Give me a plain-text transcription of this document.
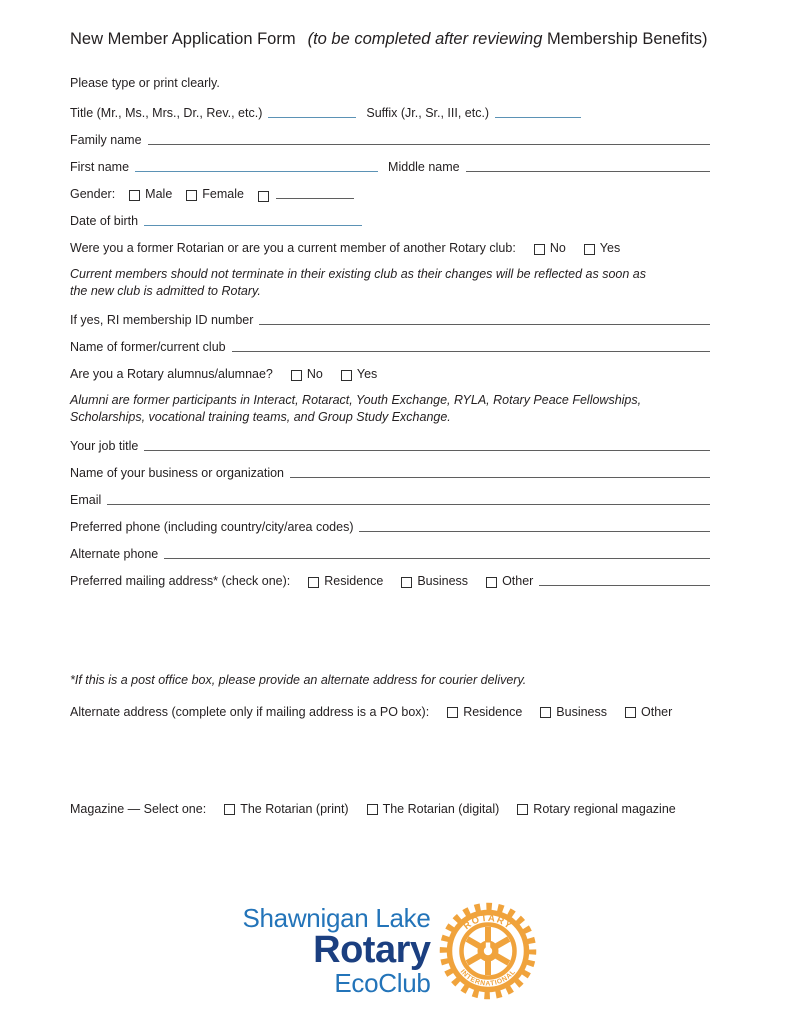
New Member Application Form (to be completed after reviewing Membership Benefits)
Please type or print clearly.
Title (Mr., Ms., Mrs., Dr., Rev., etc.)	Suffix (Jr., Sr., III, etc.)
Family name
First name	Middle name
Gender: Male Female
Date of birth
Were you a former Rotarian or are you a current member of another Rotary club:	No	Yes
Current members should not terminate in their existing club as their changes will be reflected as soon as the new club is admitted to Rotary.
If yes, RI membership ID number
Name of former/current club
Are you a Rotary alumnus/alumnae?	No	Yes
Alumni are former participants in Interact, Rotaract, Youth Exchange, RYLA, Rotary Peace Fellowships, Scholarships, vocational training teams, and Group Study Exchange.
Your job title
Name of your business or organization
Email
Preferred phone (including country/city/area codes)
Alternate phone
Preferred mailing address* (check one):	Residence	Business	Other
*If this is a post office box, please provide an alternate address for courier delivery.
Alternate address (complete only if mailing address is a PO box):	Residence	Business	Other
Magazine — Select one:	The Rotarian (print)	The Rotarian (digital)	Rotary regional magazine
Shawnigan Lake
Rotary
EcoClub
ROTARY
INTERNATIONAL
